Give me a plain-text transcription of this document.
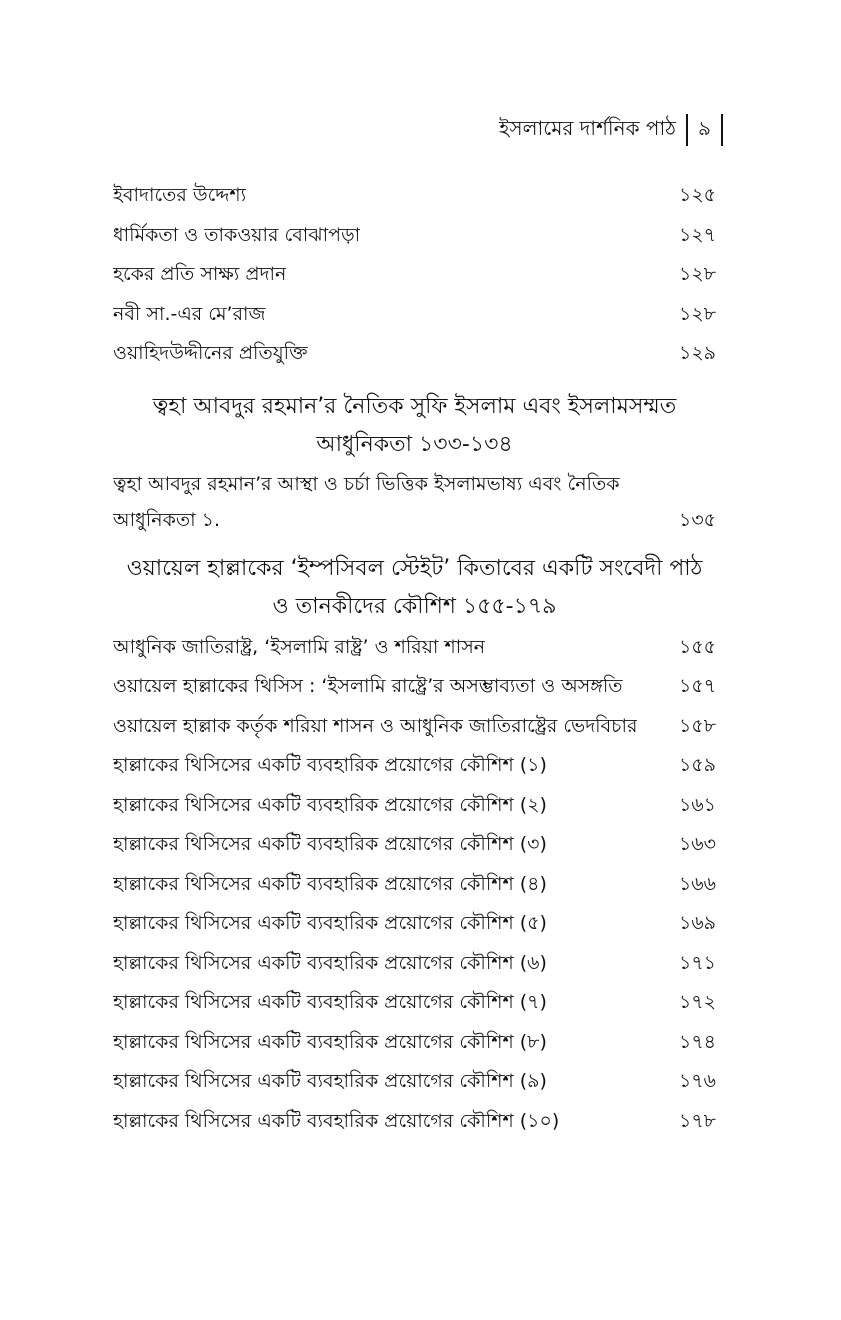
ইসলামের দার্শনিক পাঠ ৯
ইবাদাতের উদ্দেশ্য	১২৫
ধার্মিকতা ও তাকওয়ার বোঝাপড়া	১২৭
হকের প্রতি সাক্ষ্য প্রদান	১২৮
নবী সা.-এর মে’রাজ	১২৮
ওয়াহিদউদ্দীনের প্রতিযুক্তি	১২৯
ত্বহা আবদুর রহমান’র নৈতিক সুফি ইসলাম এবং ইসলামসম্মত
আধুনিকতা ১৩৩-১৩৪
ত্বহা আবদুর রহমান’র আস্থা ও চর্চা ভিত্তিক ইসলামভাষ্য এবং নৈতিক
আধুনিকতা ১.	১৩৫
ওয়ায়েল হাল্লাকের ‘ইম্পসিবল স্টেইট’ কিতাবের একটি সংবেদী পাঠ
ও তানকীদের কৌশিশ ১৫৫-১৭৯
আধুনিক জাতিরাষ্ট্র, ‘ইসলামি রাষ্ট্র’ ও শরিয়া শাসন	১৫৫
ওয়ায়েল হাল্লাকের থিসিস : ‘ইসলামি রাষ্ট্রে’র অসম্ভাব্যতা ও অসঙ্গতি	১৫৭
ওয়ায়েল হাল্লাক কর্তৃক শরিয়া শাসন ও আধুনিক জাতিরাষ্ট্রের ভেদবিচার	১৫৮
হাল্লাকের থিসিসের একটি ব্যবহারিক প্রয়োগের কৌশিশ (১)	১৫৯
হাল্লাকের থিসিসের একটি ব্যবহারিক প্রয়োগের কৌশিশ (২)	১৬১
হাল্লাকের থিসিসের একটি ব্যবহারিক প্রয়োগের কৌশিশ (৩)	১৬৩
হাল্লাকের থিসিসের একটি ব্যবহারিক প্রয়োগের কৌশিশ (৪)	১৬৬
হাল্লাকের থিসিসের একটি ব্যবহারিক প্রয়োগের কৌশিশ (৫)	১৬৯
হাল্লাকের থিসিসের একটি ব্যবহারিক প্রয়োগের কৌশিশ (৬)	১৭১
হাল্লাকের থিসিসের একটি ব্যবহারিক প্রয়োগের কৌশিশ (৭)	১৭২
হাল্লাকের থিসিসের একটি ব্যবহারিক প্রয়োগের কৌশিশ (৮)	১৭৪
হাল্লাকের থিসিসের একটি ব্যবহারিক প্রয়োগের কৌশিশ (৯)	১৭৬
হাল্লাকের থিসিসের একটি ব্যবহারিক প্রয়োগের কৌশিশ (১০)	১৭৮
